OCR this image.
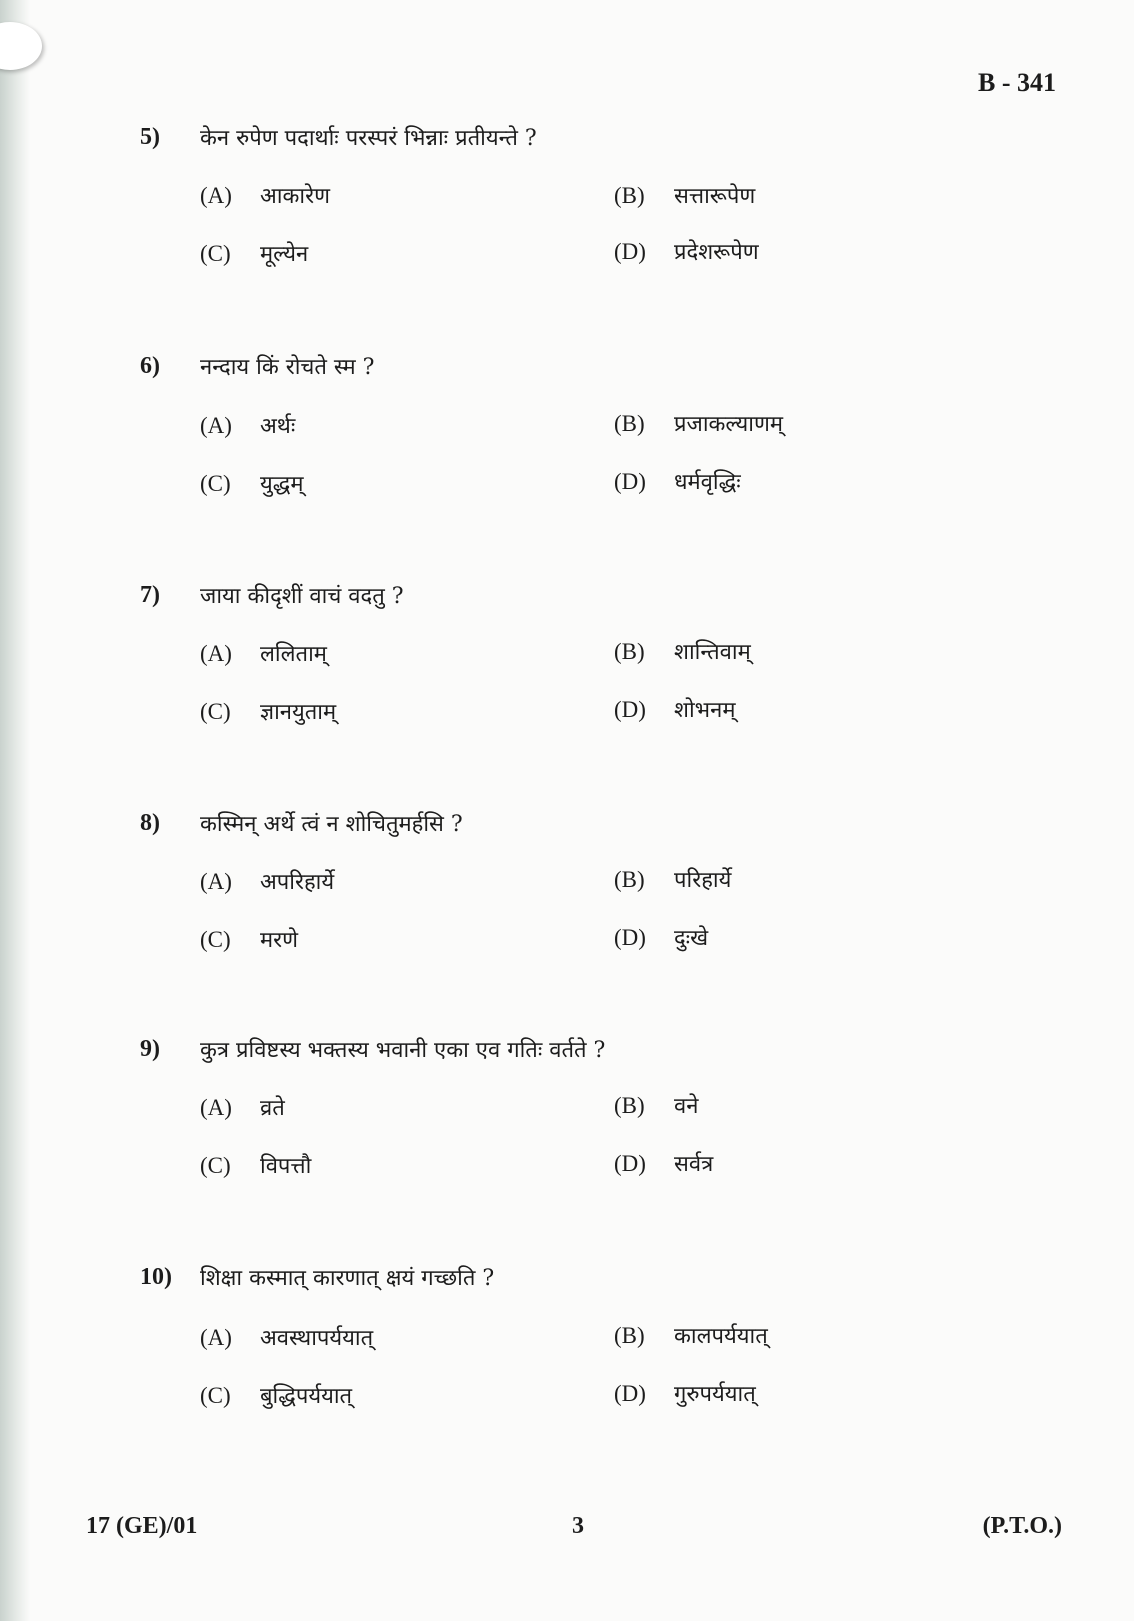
B - 341
5) केन रुपेण पदार्थाः परस्परं भिन्नाः प्रतीयन्ते ?
(A) आकारेण	(B) सत्तारूपेण
(C) मूल्येन	(D) प्रदेशरूपेण
6) नन्दाय किं रोचते स्म ?
(A) अर्थः	(B) प्रजाकल्याणम्
(C) युद्धम्	(D) धर्मवृद्धिः
7) जाया कीदृशीं वाचं वदतु ?
(A) ललिताम्	(B) शान्तिवाम्
(C) ज्ञानयुताम्	(D) शोभनम्
8) कस्मिन् अर्थे त्वं न शोचितुमर्हसि ?
(A) अपरिहार्ये	(B) परिहार्ये
(C) मरणे	(D) दुःखे
9) कुत्र प्रविष्टस्य भक्तस्य भवानी एका एव गतिः वर्तते ?
(A) व्रते	(B) वने
(C) विपत्तौ	(D) सर्वत्र
10) शिक्षा कस्मात् कारणात् क्षयं गच्छति ?
(A) अवस्थापर्ययात्	(B) कालपर्ययात्
(C) बुद्धिपर्ययात्	(D) गुरुपर्ययात्
17 (GE)/01	3	(P.T.O.)
